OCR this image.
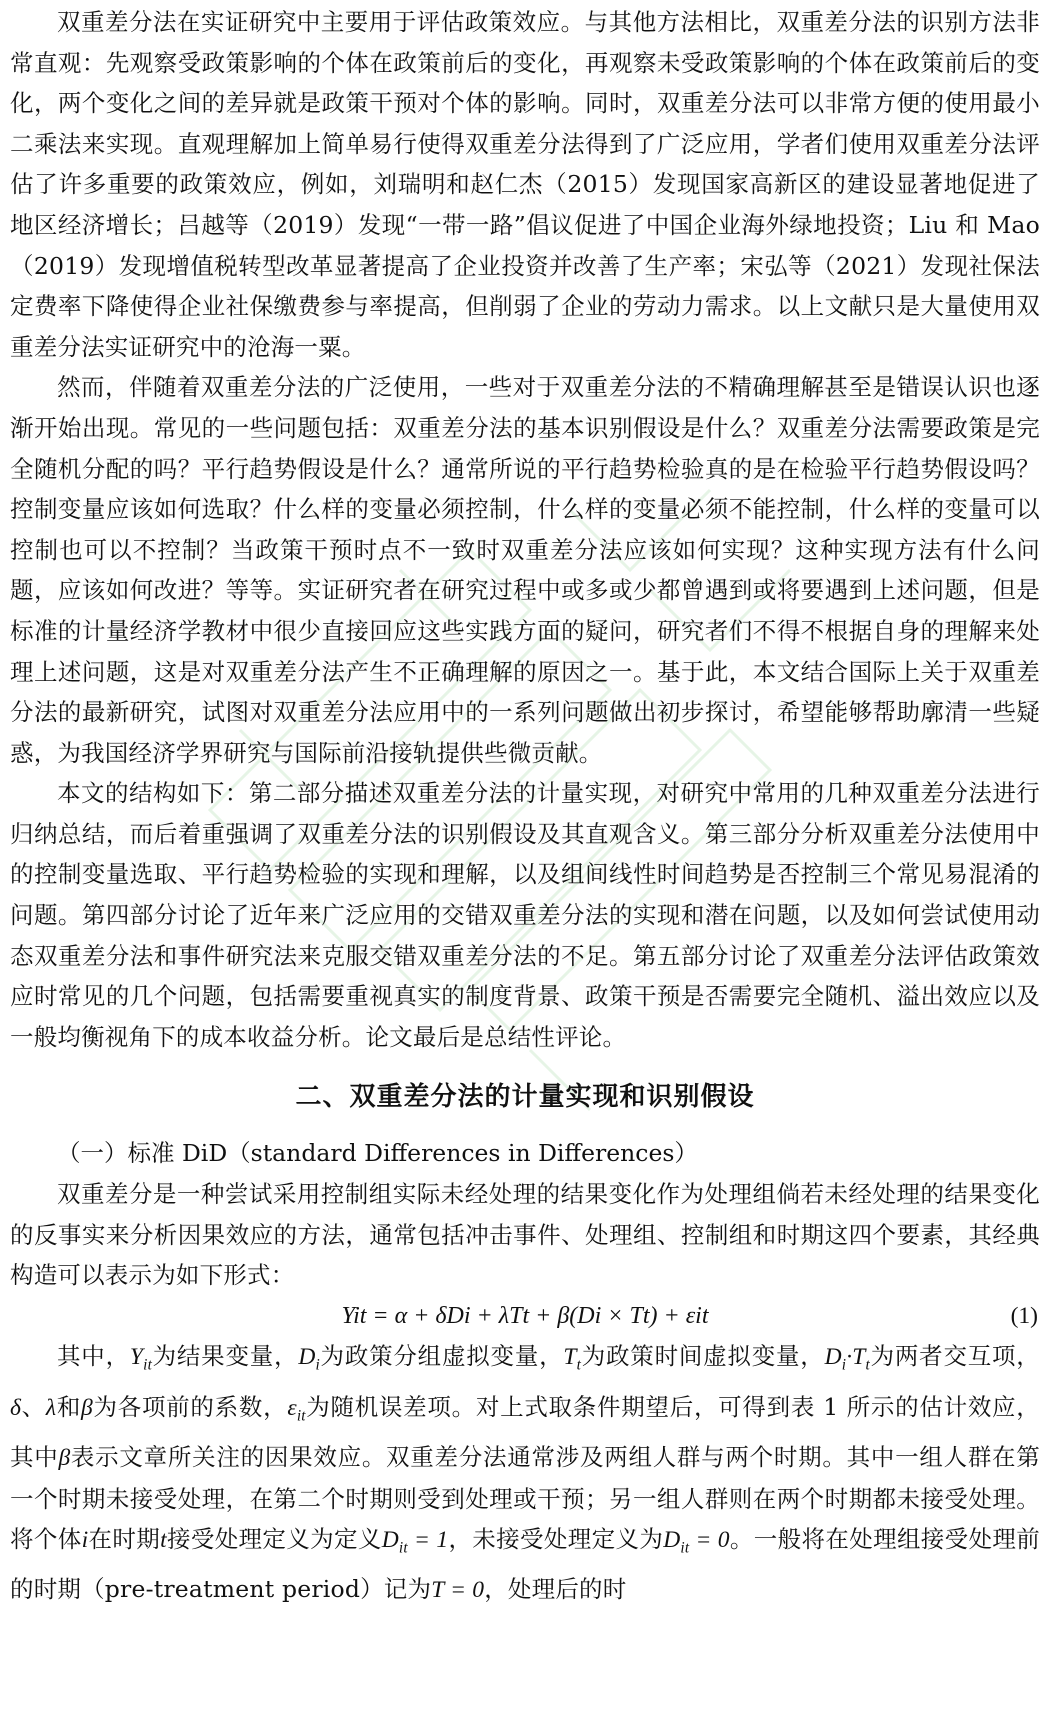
双重差分法在实证研究中主要用于评估政策效应。与其他方法相比，双重差分法的识别方法非常直观：先观察受政策影响的个体在政策前后的变化，再观察未受政策影响的个体在政策前后的变化，两个变化之间的差异就是政策干预对个体的影响。同时，双重差分法可以非常方便的使用最小二乘法来实现。直观理解加上简单易行使得双重差分法得到了广泛应用，学者们使用双重差分法评估了许多重要的政策效应，例如，刘瑞明和赵仁杰（2015）发现国家高新区的建设显著地促进了地区经济增长；吕越等（2019）发现“一带一路”倡议促进了中国企业海外绿地投资；Liu 和 Mao（2019）发现增值税转型改革显著提高了企业投资并改善了生产率；宋弘等（2021）发现社保法定费率下降使得企业社保缴费参与率提高，但削弱了企业的劳动力需求。以上文献只是大量使用双重差分法实证研究中的沧海一粟。

然而，伴随着双重差分法的广泛使用，一些对于双重差分法的不精确理解甚至是错误认识也逐渐开始出现。常见的一些问题包括：双重差分法的基本识别假设是什么？双重差分法需要政策是完全随机分配的吗？平行趋势假设是什么？通常所说的平行趋势检验真的是在检验平行趋势假设吗？控制变量应该如何选取？什么样的变量必须控制，什么样的变量必须不能控制，什么样的变量可以控制也可以不控制？当政策干预时点不一致时双重差分法应该如何实现？这种实现方法有什么问题，应该如何改进？等等。实证研究者在研究过程中或多或少都曾遇到或将要遇到上述问题，但是标准的计量经济学教材中很少直接回应这些实践方面的疑问，研究者们不得不根据自身的理解来处理上述问题，这是对双重差分法产生不正确理解的原因之一。基于此，本文结合国际上关于双重差分法的最新研究，试图对双重差分法应用中的一系列问题做出初步探讨，希望能够帮助廓清一些疑惑，为我国经济学界研究与国际前沿接轨提供些微贡献。

本文的结构如下：第二部分描述双重差分法的计量实现，对研究中常用的几种双重差分法进行归纳总结，而后着重强调了双重差分法的识别假设及其直观含义。第三部分分析双重差分法使用中的控制变量选取、平行趋势检验的实现和理解，以及组间线性时间趋势是否控制三个常见易混淆的问题。第四部分讨论了近年来广泛应用的交错双重差分法的实现和潜在问题，以及如何尝试使用动态双重差分法和事件研究法来克服交错双重差分法的不足。第五部分讨论了双重差分法评估政策效应时常见的几个问题，包括需要重视真实的制度背景、政策干预是否需要完全随机、溢出效应以及一般均衡视角下的成本收益分析。论文最后是总结性评论。

二、双重差分法的计量实现和识别假设

（一）标准 DiD（standard Differences in Differences）

双重差分是一种尝试采用控制组实际未经处理的结果变化作为处理组倘若未经处理的结果变化的反事实来分析因果效应的方法，通常包括冲击事件、处理组、控制组和时期这四个要素，其经典构造可以表示为如下形式：

Yit = α + δDi + λTt + β(Di × Tt) + εit	(1)

其中，$Y_{it}$为结果变量，$D_i$为政策分组虚拟变量，$T_t$为政策时间虚拟变量，$D_i\cdot T_t$为两者交互项，δ、λ和β为各项前的系数，$\varepsilon_{it}$为随机误差项。对上式取条件期望后，可得到表 1 所示的估计效应，其中β表示文章所关注的因果效应。双重差分法通常涉及两组人群与两个时期。其中一组人群在第一个时期未接受处理，在第二个时期则受到处理或干预；另一组人群则在两个时期都未接受处理。将个体i在时期t接受处理定义为定义$D_{it} = 1$，未接受处理定义为$D_{it} = 0$。一般将在处理组接受处理前的时期（pre-treatment period）记为T = 0，处理后的时
